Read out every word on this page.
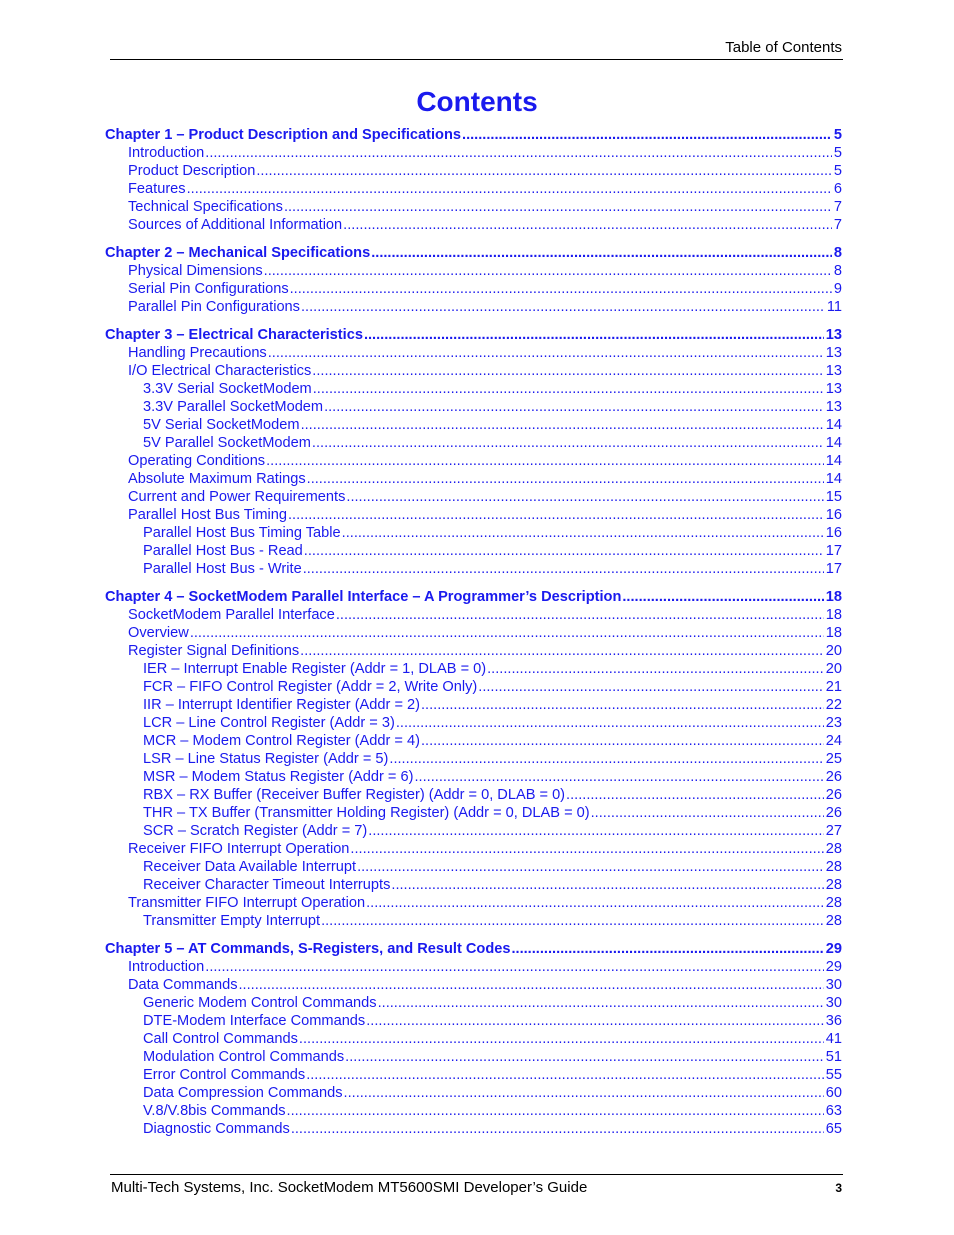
Table of Contents
Contents
Chapter 1 – Product Description and Specifications .....	5
Introduction .....	5
Product Description .....	5
Features .....	6
Technical Specifications .....	7
Sources of Additional Information .....	7
Chapter 2 – Mechanical Specifications .....	8
Physical Dimensions .....	8
Serial Pin Configurations .....	9
Parallel Pin Configurations .....	11
Chapter 3 – Electrical Characteristics .....	13
Handling Precautions .....	13
I/O Electrical Characteristics .....	13
3.3V Serial SocketModem .....	13
3.3V Parallel SocketModem .....	13
5V Serial SocketModem .....	14
5V Parallel SocketModem .....	14
Operating Conditions .....	14
Absolute Maximum Ratings .....	14
Current and Power Requirements .....	15
Parallel Host Bus Timing .....	16
Parallel Host Bus Timing Table .....	16
Parallel Host Bus - Read .....	17
Parallel Host Bus - Write .....	17
Chapter 4 – SocketModem Parallel Interface – A Programmer’s Description .....	18
SocketModem Parallel Interface .....	18
Overview .....	18
Register Signal Definitions .....	20
IER – Interrupt Enable Register (Addr = 1, DLAB = 0) .....	20
FCR – FIFO Control Register (Addr = 2, Write Only) .....	21
IIR – Interrupt Identifier Register (Addr = 2) .....	22
LCR – Line Control Register (Addr = 3) .....	23
MCR – Modem Control Register (Addr = 4) .....	24
LSR – Line Status Register (Addr = 5) .....	25
MSR – Modem Status Register (Addr = 6) .....	26
RBX – RX Buffer (Receiver Buffer Register) (Addr = 0, DLAB = 0) .....	26
THR – TX Buffer (Transmitter Holding Register) (Addr = 0, DLAB = 0) .....	26
SCR – Scratch Register (Addr = 7) .....	27
Receiver FIFO Interrupt Operation .....	28
Receiver Data Available Interrupt .....	28
Receiver Character Timeout Interrupts .....	28
Transmitter FIFO Interrupt Operation .....	28
Transmitter Empty Interrupt .....	28
Chapter 5 – AT Commands, S-Registers, and Result Codes .....	29
Introduction .....	29
Data Commands .....	30
Generic Modem Control Commands .....	30
DTE-Modem Interface Commands .....	36
Call Control Commands .....	41
Modulation Control Commands .....	51
Error Control Commands .....	55
Data Compression Commands .....	60
V.8/V.8bis Commands .....	63
Diagnostic Commands .....	65
Multi-Tech Systems, Inc. SocketModem MT5600SMI Developer’s Guide	3
